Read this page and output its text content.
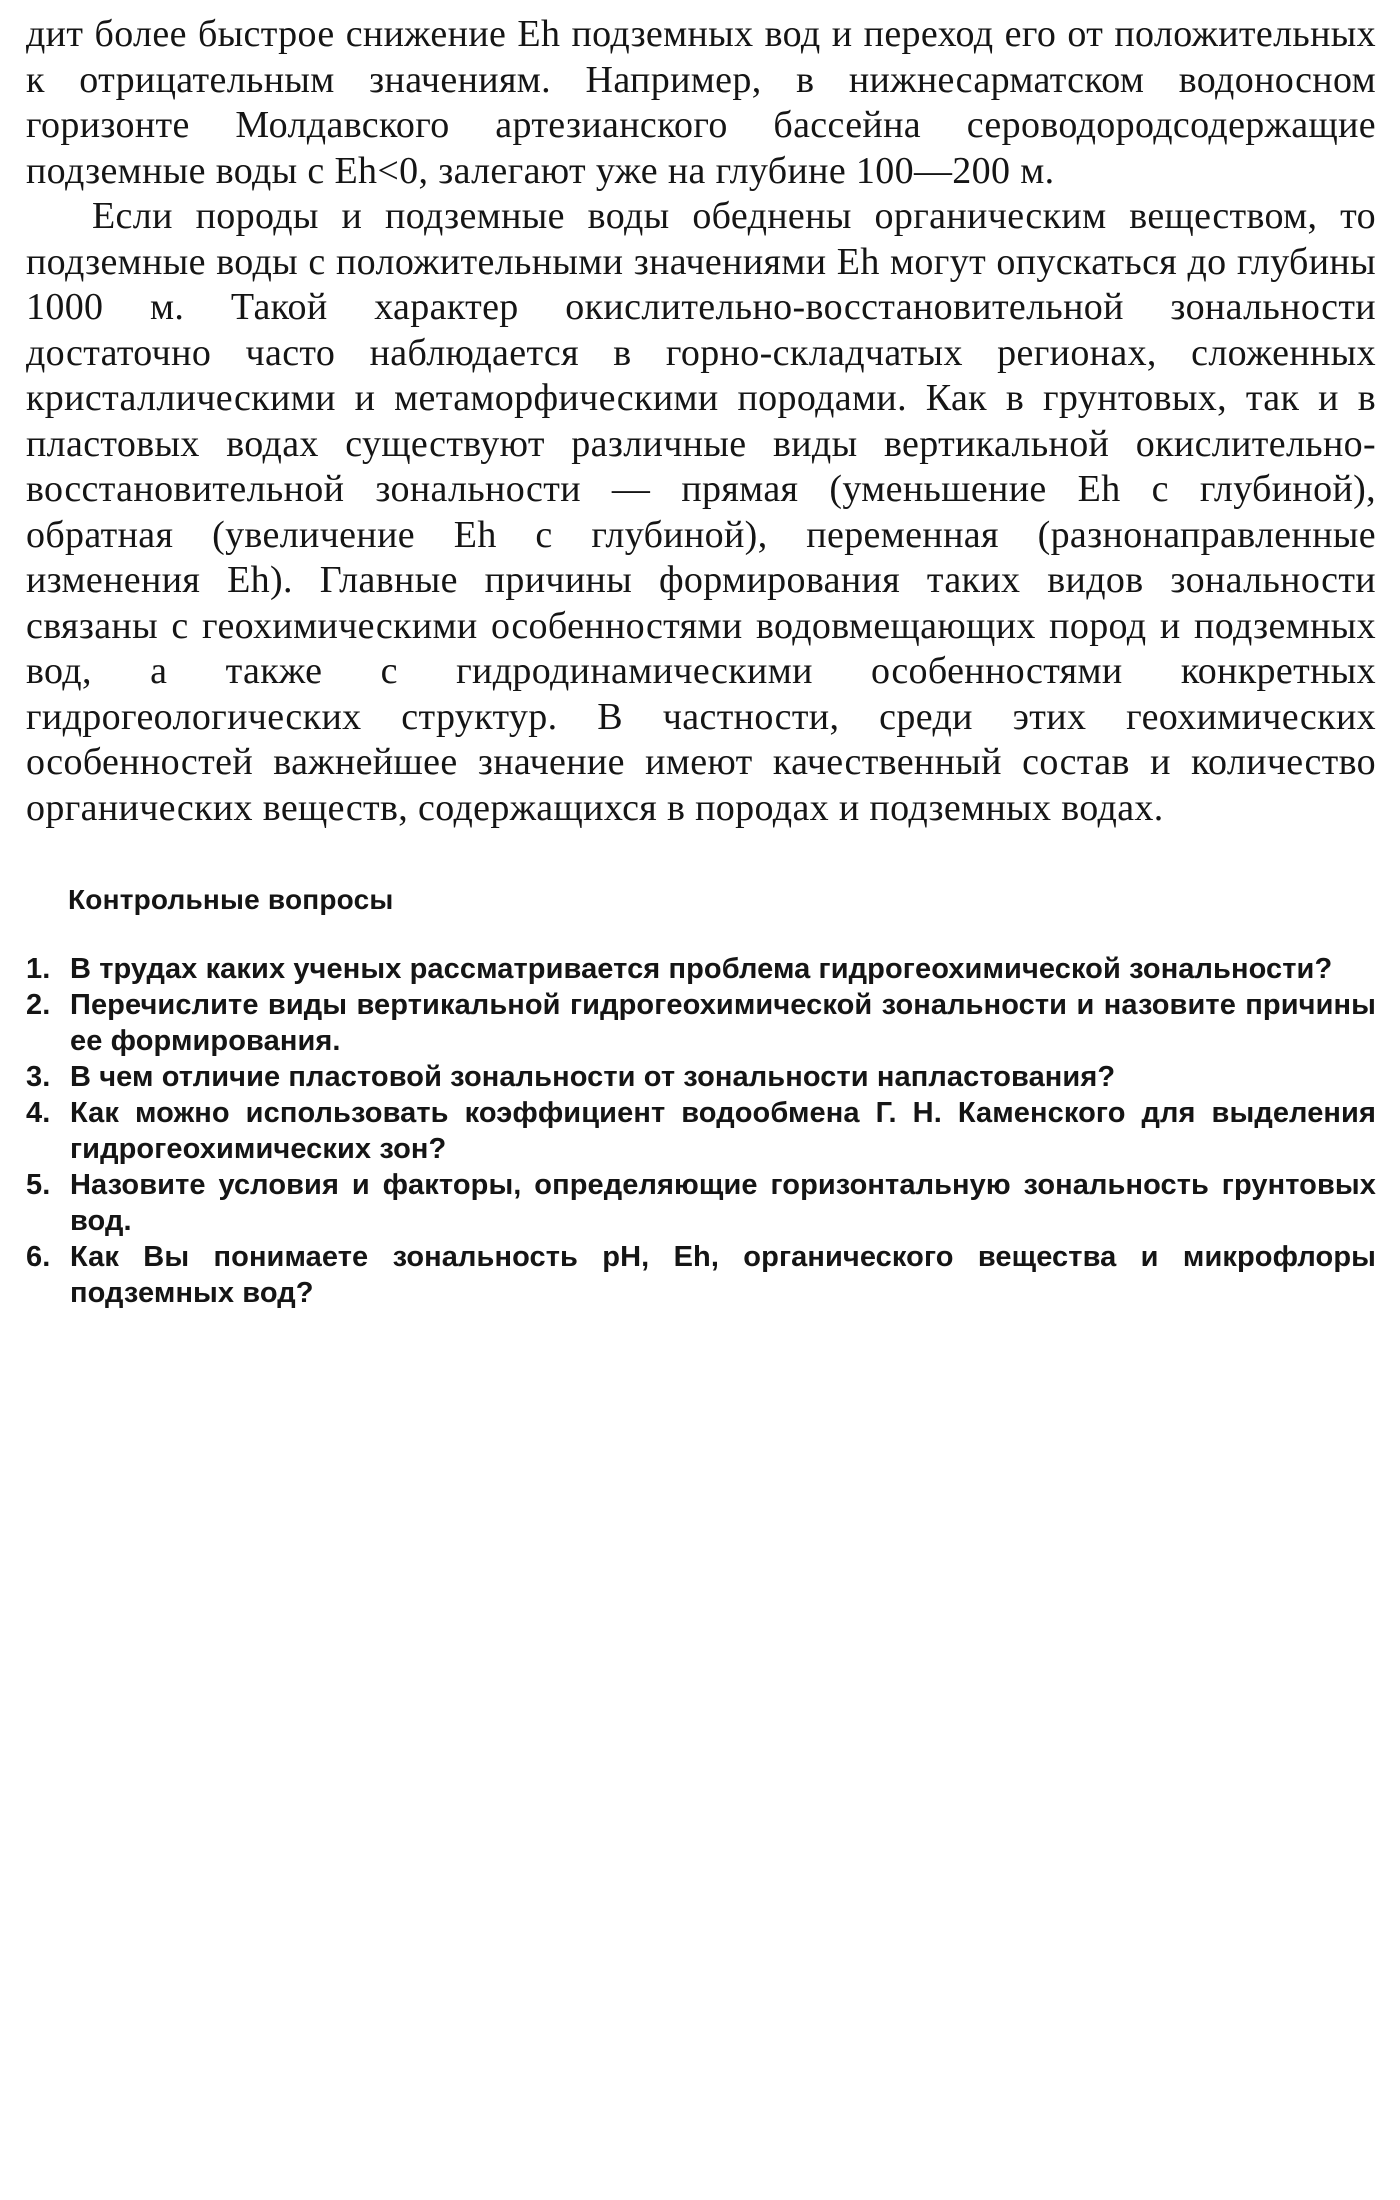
дит более быстрое снижение Eh подземных вод и переход его от положительных к отрицательным значениям. Например, в нижнесарматском водоносном горизонте Молдавского артезианского бассейна сероводородсодержащие подземные воды с Eh<0, залегают уже на глубине 100—200 м.

Если породы и подземные воды обеднены органическим веществом, то подземные воды с положительными значениями Eh могут опускаться до глубины 1000 м. Такой характер окислительно-восстановительной зональности достаточно часто наблюдается в горно-складчатых регионах, сложенных кристаллическими и метаморфическими породами. Как в грунтовых, так и в пластовых водах существуют различные виды вертикальной окислительно-восстановительной зональности — прямая (уменьшение Eh с глубиной), обратная (увеличение Eh с глубиной), переменная (разнонаправленные изменения Eh). Главные причины формирования таких видов зональности связаны с геохимическими особенностями водовмещающих пород и подземных вод, а также с гидродинамическими особенностями конкретных гидрогеологических структур. В частности, среди этих геохимических особенностей важнейшее значение имеют качественный состав и количество органических веществ, содержащихся в породах и подземных водах.

Контрольные вопросы
1. В трудах каких ученых рассматривается проблема гидрогеохимической зональности?
2. Перечислите виды вертикальной гидрогеохимической зональности и назовите причины ее формирования.
3. В чем отличие пластовой зональности от зональности напластования?
4. Как можно использовать коэффициент водообмена Г. Н. Каменского для выделения гидрогеохимических зон?
5. Назовите условия и факторы, определяющие горизонтальную зональность грунтовых вод.
6. Как Вы понимаете зональность pH, Eh, органического вещества и микрофлоры подземных вод?
